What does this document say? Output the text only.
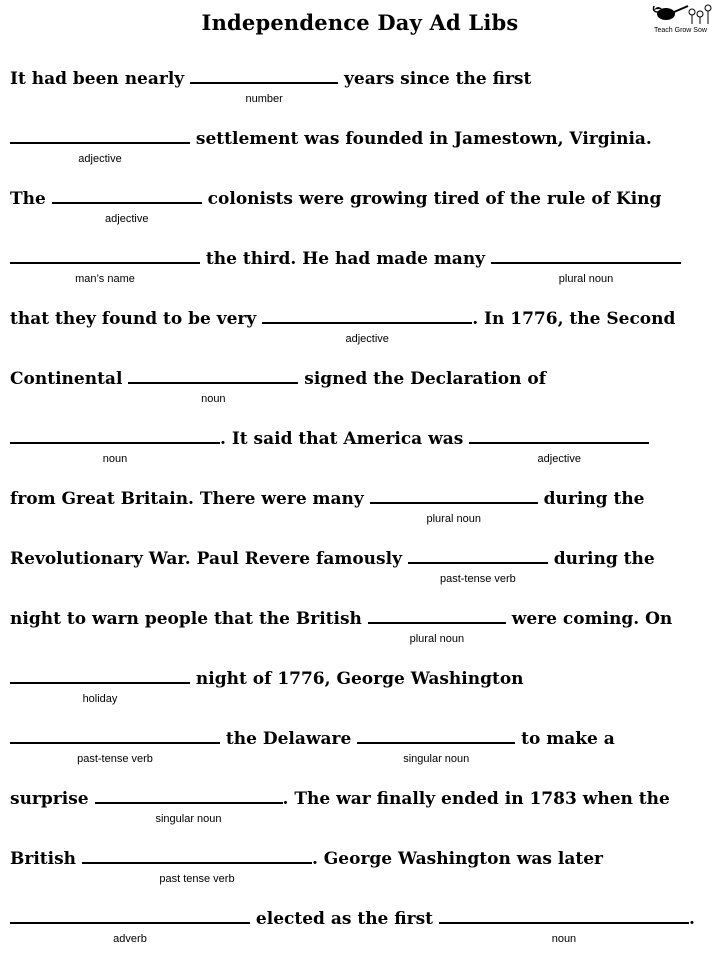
Independence Day Ad Libs	Teach Grow Sow
It had been nearly	years since the first
number
settlement was founded in Jamestown, Virginia.
adjective
The	colonists were growing tired of the rule of King
adjective
the third. He had made many
man’s name	plural noun
that they found to be very	. In 1776, the Second
adjective
Continental	signed the Declaration of
noun
. It said that America was
noun	adjective
from Great Britain. There were many	during the
plural noun
Revolutionary War. Paul Revere famously	during the
past-tense verb
night to warn people that the British	were coming. On
plural noun
night of 1776, George Washington
holiday
the Delaware	to make a
past-tense verb	singular noun
surprise	. The war finally ended in 1783 when the
singular noun
British	. George Washington was later
past tense verb
elected as the first	.
adverb	noun
